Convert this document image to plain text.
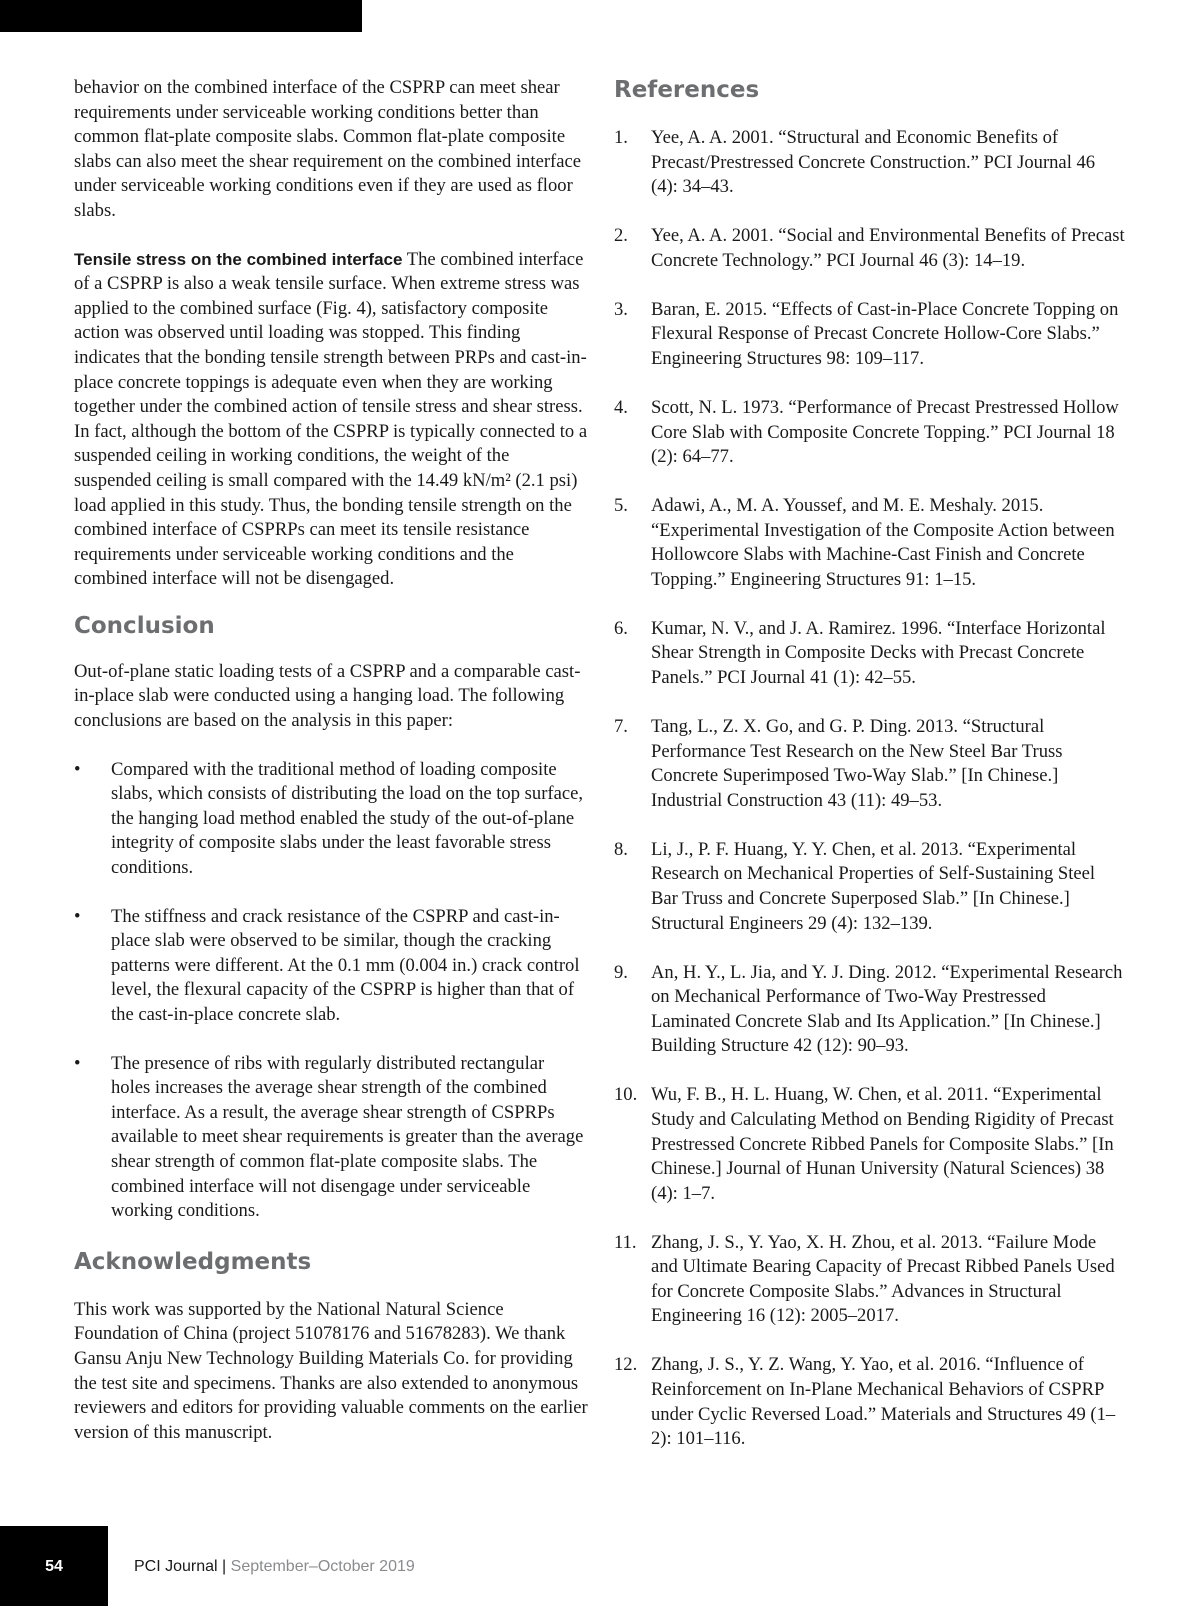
behavior on the combined interface of the CSPRP can meet shear requirements under serviceable working conditions better than common flat-plate composite slabs. Common flat-plate composite slabs can also meet the shear requirement on the combined interface under serviceable working conditions even if they are used as floor slabs.

Tensile stress on the combined interface The combined interface of a CSPRP is also a weak tensile surface. When extreme stress was applied to the combined surface (Fig. 4), satisfactory composite action was observed until loading was stopped. This finding indicates that the bonding tensile strength between PRPs and cast-in-place concrete toppings is adequate even when they are working together under the combined action of tensile stress and shear stress. In fact, although the bottom of the CSPRP is typically connected to a suspended ceiling in working conditions, the weight of the suspended ceiling is small compared with the 14.49 kN/m² (2.1 psi) load applied in this study. Thus, the bonding tensile strength on the combined interface of CSPRPs can meet its tensile resistance requirements under serviceable working conditions and the combined interface will not be disengaged.

Conclusion

Out-of-plane static loading tests of a CSPRP and a comparable cast-in-place slab were conducted using a hanging load. The following conclusions are based on the analysis in this paper:

• Compared with the traditional method of loading composite slabs, which consists of distributing the load on the top surface, the hanging load method enabled the study of the out-of-plane integrity of composite slabs under the least favorable stress conditions.
• The stiffness and crack resistance of the CSPRP and cast-in-place slab were observed to be similar, though the cracking patterns were different. At the 0.1 mm (0.004 in.) crack control level, the flexural capacity of the CSPRP is higher than that of the cast-in-place concrete slab.
• The presence of ribs with regularly distributed rectangular holes increases the average shear strength of the combined interface. As a result, the average shear strength of CSPRPs available to meet shear requirements is greater than the average shear strength of common flat-plate composite slabs. The combined interface will not disengage under serviceable working conditions.
Acknowledgments

This work was supported by the National Natural Science Foundation of China (project 51078176 and 51678283). We thank Gansu Anju New Technology Building Materials Co. for providing the test site and specimens. Thanks are also extended to anonymous reviewers and editors for providing valuable comments on the earlier version of this manuscript.

References
1. Yee, A. A. 2001. “Structural and Economic Benefits of Precast/Prestressed Concrete Construction.” PCI Journal 46 (4): 34–43.
2. Yee, A. A. 2001. “Social and Environmental Benefits of Precast Concrete Technology.” PCI Journal 46 (3): 14–19.
3. Baran, E. 2015. “Effects of Cast-in-Place Concrete Topping on Flexural Response of Precast Concrete Hollow-Core Slabs.” Engineering Structures 98: 109–117.
4. Scott, N. L. 1973. “Performance of Precast Prestressed Hollow Core Slab with Composite Concrete Topping.” PCI Journal 18 (2): 64–77.
5. Adawi, A., M. A. Youssef, and M. E. Meshaly. 2015. “Experimental Investigation of the Composite Action between Hollowcore Slabs with Machine-Cast Finish and Concrete Topping.” Engineering Structures 91: 1–15.
6. Kumar, N. V., and J. A. Ramirez. 1996. “Interface Horizontal Shear Strength in Composite Decks with Precast Concrete Panels.” PCI Journal 41 (1): 42–55.
7. Tang, L., Z. X. Go, and G. P. Ding. 2013. “Structural Performance Test Research on the New Steel Bar Truss Concrete Superimposed Two-Way Slab.” [In Chinese.] Industrial Construction 43 (11): 49–53.
8. Li, J., P. F. Huang, Y. Y. Chen, et al. 2013. “Experimental Research on Mechanical Properties of Self-Sustaining Steel Bar Truss and Concrete Superposed Slab.” [In Chinese.] Structural Engineers 29 (4): 132–139.
9. An, H. Y., L. Jia, and Y. J. Ding. 2012. “Experimental Research on Mechanical Performance of Two-Way Prestressed Laminated Concrete Slab and Its Application.” [In Chinese.] Building Structure 42 (12): 90–93.
10. Wu, F. B., H. L. Huang, W. Chen, et al. 2011. “Experimental Study and Calculating Method on Bending Rigidity of Precast Prestressed Concrete Ribbed Panels for Composite Slabs.” [In Chinese.] Journal of Hunan University (Natural Sciences) 38 (4): 1–7.
11. Zhang, J. S., Y. Yao, X. H. Zhou, et al. 2013. “Failure Mode and Ultimate Bearing Capacity of Precast Ribbed Panels Used for Concrete Composite Slabs.” Advances in Structural Engineering 16 (12): 2005–2017.
12. Zhang, J. S., Y. Z. Wang, Y. Yao, et al. 2016. “Influence of Reinforcement on In-Plane Mechanical Behaviors of CSPRP under Cyclic Reversed Load.” Materials and Structures 49 (1–2): 101–116.
54	PCI Journal | September–October 2019
